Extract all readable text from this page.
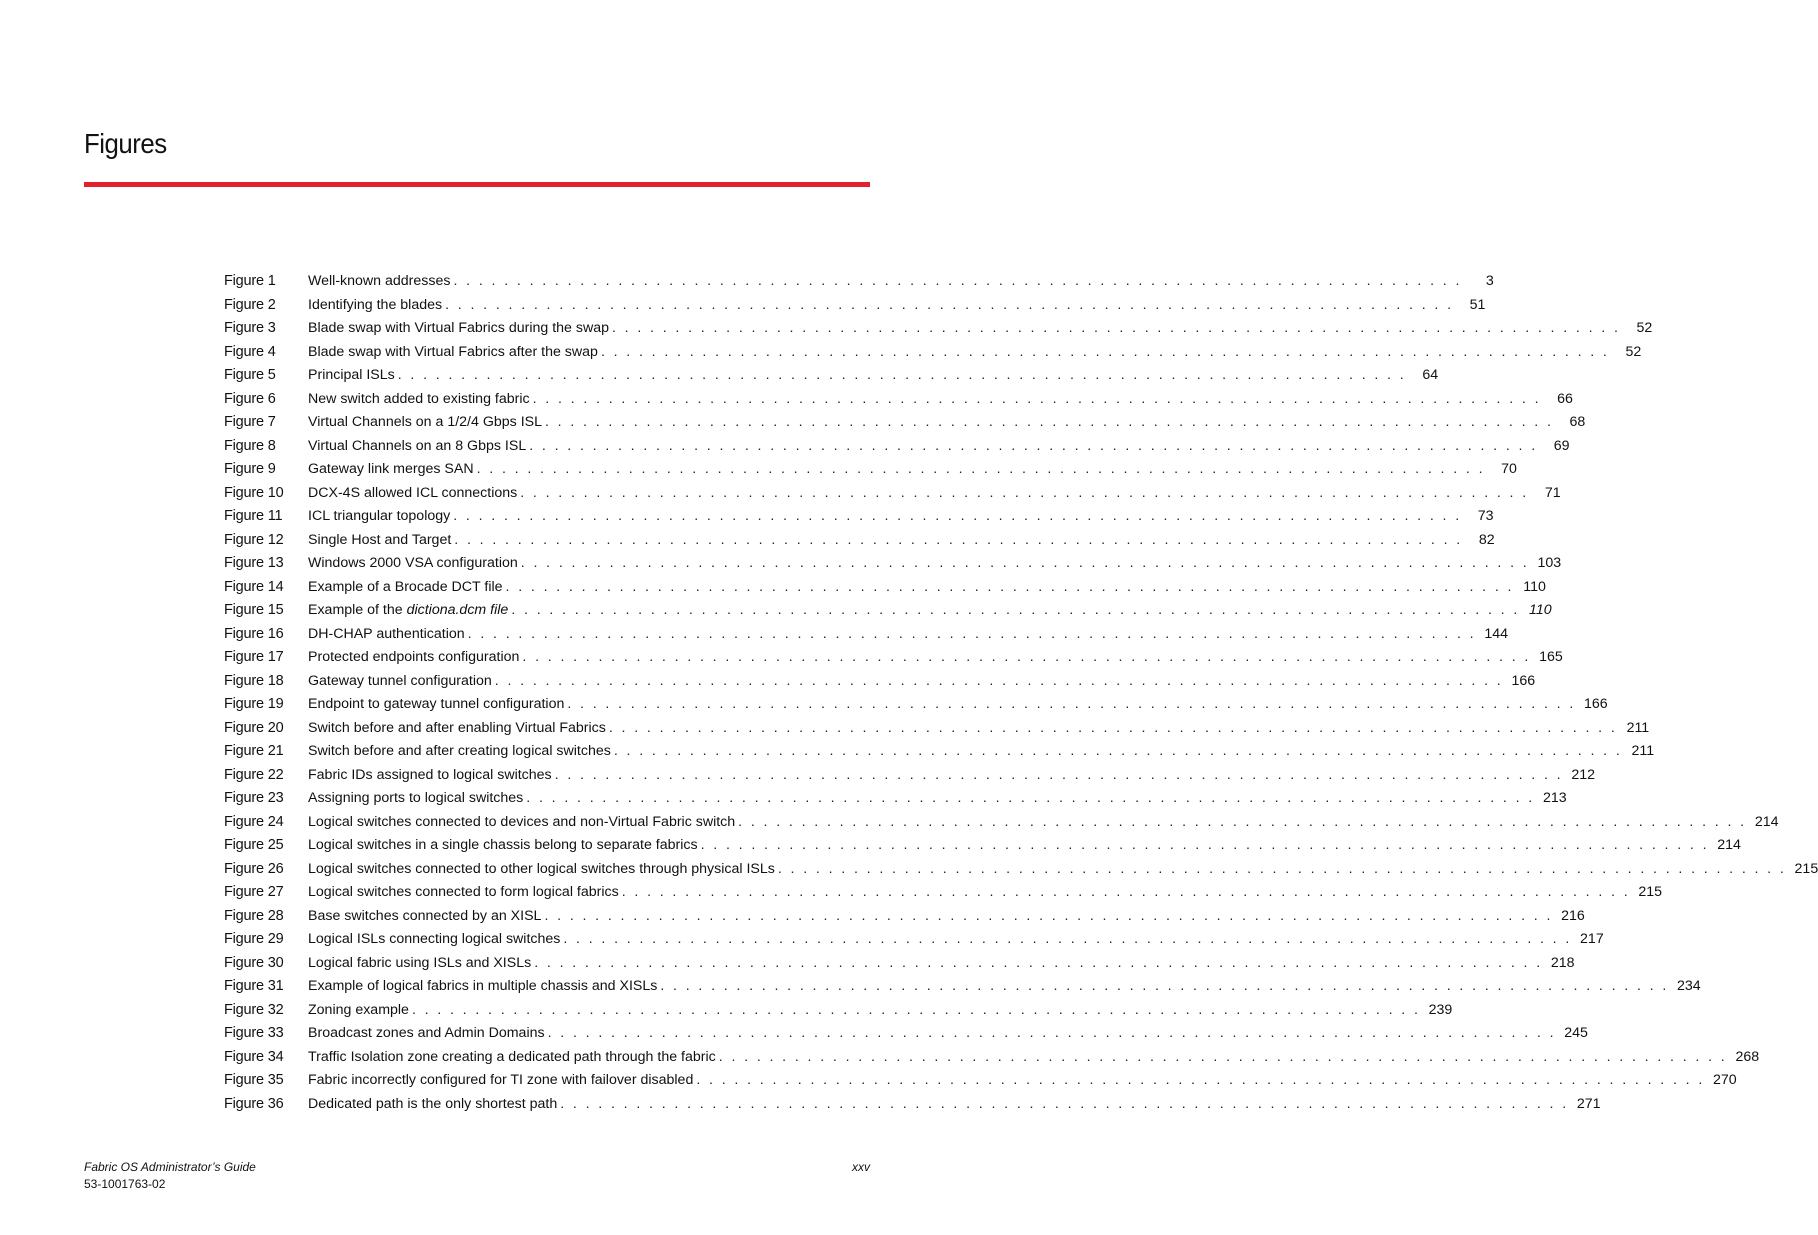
Figures
Figure 1	Well-known addresses . . . . . . . . . . . . . . . . . . . . . . . . . . . . . . . . . . . . . . . . . . . . . . . . . . . . . . . . . . . . . . . . . . . . . . . . . . . . . . . .	3
Figure 2	Identifying the blades . . . . . . . . . . . . . . . . . . . . . . . . . . . . . . . . . . . . . . . . . . . . . . . . . . . . . . . . . . . . . . . . . . . . . . . . . . . . . . . .	51
Figure 3	Blade swap with Virtual Fabrics during the swap . . . . . . . . . . . . . . . . . . . . . . . . . . . . . . . . . . . . . . . . . . . . . . . . . . . . . . . . . . . . . . . . . . . . . . . . . . . . . . . .	52
Figure 4	Blade swap with Virtual Fabrics after the swap . . . . . . . . . . . . . . . . . . . . . . . . . . . . . . . . . . . . . . . . . . . . . . . . . . . . . . . . . . . . . . . . . . . . . . . . . . . . . . . .	52
Figure 5	Principal ISLs . . . . . . . . . . . . . . . . . . . . . . . . . . . . . . . . . . . . . . . . . . . . . . . . . . . . . . . . . . . . . . . . . . . . . . . . . . . . . . . .	64
Figure 6	New switch added to existing fabric . . . . . . . . . . . . . . . . . . . . . . . . . . . . . . . . . . . . . . . . . . . . . . . . . . . . . . . . . . . . . . . . . . . . . . . . . . . . . . . .	66
Figure 7	Virtual Channels on a 1/2/4 Gbps ISL . . . . . . . . . . . . . . . . . . . . . . . . . . . . . . . . . . . . . . . . . . . . . . . . . . . . . . . . . . . . . . . . . . . . . . . . . . . . . . . .	68
Figure 8	Virtual Channels on an 8 Gbps ISL . . . . . . . . . . . . . . . . . . . . . . . . . . . . . . . . . . . . . . . . . . . . . . . . . . . . . . . . . . . . . . . . . . . . . . . . . . . . . . . .	69
Figure 9	Gateway link merges SAN . . . . . . . . . . . . . . . . . . . . . . . . . . . . . . . . . . . . . . . . . . . . . . . . . . . . . . . . . . . . . . . . . . . . . . . . . . . . . . . .	70
Figure 10	DCX-4S allowed ICL connections . . . . . . . . . . . . . . . . . . . . . . . . . . . . . . . . . . . . . . . . . . . . . . . . . . . . . . . . . . . . . . . . . . . . . . . . . . . . . . . .	71
Figure 11	ICL triangular topology . . . . . . . . . . . . . . . . . . . . . . . . . . . . . . . . . . . . . . . . . . . . . . . . . . . . . . . . . . . . . . . . . . . . . . . . . . . . . . . .	73
Figure 12	Single Host and Target . . . . . . . . . . . . . . . . . . . . . . . . . . . . . . . . . . . . . . . . . . . . . . . . . . . . . . . . . . . . . . . . . . . . . . . . . . . . . . . .	82
Figure 13	Windows 2000 VSA configuration . . . . . . . . . . . . . . . . . . . . . . . . . . . . . . . . . . . . . . . . . . . . . . . . . . . . . . . . . . . . . . . . . . . . . . . . . . . . . . . . 103
Figure 14	Example of a Brocade DCT file . . . . . . . . . . . . . . . . . . . . . . . . . . . . . . . . . . . . . . . . . . . . . . . . . . . . . . . . . . . . . . . . . . . . . . . . . . . . . . . . 110
Figure 15	Example of the dictiona.dcm file . . . . . . . . . . . . . . . . . . . . . . . . . . . . . . . . . . . . . . . . . . . . . . . . . . . . . . . . . . . . . . . . . . . . . . . . . . . . . . . . 110
Figure 16	DH-CHAP authentication . . . . . . . . . . . . . . . . . . . . . . . . . . . . . . . . . . . . . . . . . . . . . . . . . . . . . . . . . . . . . . . . . . . . . . . . . . . . . . . . 144
Figure 17	Protected endpoints configuration . . . . . . . . . . . . . . . . . . . . . . . . . . . . . . . . . . . . . . . . . . . . . . . . . . . . . . . . . . . . . . . . . . . . . . . . . . . . . . . . 165
Figure 18	Gateway tunnel configuration . . . . . . . . . . . . . . . . . . . . . . . . . . . . . . . . . . . . . . . . . . . . . . . . . . . . . . . . . . . . . . . . . . . . . . . . . . . . . . . . 166
Figure 19	Endpoint to gateway tunnel configuration . . . . . . . . . . . . . . . . . . . . . . . . . . . . . . . . . . . . . . . . . . . . . . . . . . . . . . . . . . . . . . . . . . . . . . . . . . . . . . . . 166
Figure 20	Switch before and after enabling Virtual Fabrics . . . . . . . . . . . . . . . . . . . . . . . . . . . . . . . . . . . . . . . . . . . . . . . . . . . . . . . . . . . . . . . . . . . . . . . . . . . . . . . . 211
Figure 21	Switch before and after creating logical switches . . . . . . . . . . . . . . . . . . . . . . . . . . . . . . . . . . . . . . . . . . . . . . . . . . . . . . . . . . . . . . . . . . . . . . . . . . . . . . . . 211
Figure 22	Fabric IDs assigned to logical switches . . . . . . . . . . . . . . . . . . . . . . . . . . . . . . . . . . . . . . . . . . . . . . . . . . . . . . . . . . . . . . . . . . . . . . . . . . . . . . . . 212
Figure 23	Assigning ports to logical switches . . . . . . . . . . . . . . . . . . . . . . . . . . . . . . . . . . . . . . . . . . . . . . . . . . . . . . . . . . . . . . . . . . . . . . . . . . . . . . . . 213
Figure 24	Logical switches connected to devices and non-Virtual Fabric switch . . . . . . . . . . . . . . . . . . . . . . . . . . . . . . . . . . . . . . . . . . . . . . . . . . . . . . . . . . . . . . . . . . . . . . . . . . . . . . . . 214
Figure 25	Logical switches in a single chassis belong to separate fabrics . . . . . . . . . . . . . . . . . . . . . . . . . . . . . . . . . . . . . . . . . . . . . . . . . . . . . . . . . . . . . . . . . . . . . . . . . . . . . . . . 214
Figure 26	Logical switches connected to other logical switches through physical ISLs . . . . . . . . . . . . . . . . . . . . . . . . . . . . . . . . . . . . . . . . . . . . . . . . . . . . . . . . . . . . . . . . . . . . . . . . . . . . . . . . 215
Figure 27	Logical switches connected to form logical fabrics . . . . . . . . . . . . . . . . . . . . . . . . . . . . . . . . . . . . . . . . . . . . . . . . . . . . . . . . . . . . . . . . . . . . . . . . . . . . . . . . 215
Figure 28	Base switches connected by an XISL . . . . . . . . . . . . . . . . . . . . . . . . . . . . . . . . . . . . . . . . . . . . . . . . . . . . . . . . . . . . . . . . . . . . . . . . . . . . . . . . 216
Figure 29	Logical ISLs connecting logical switches . . . . . . . . . . . . . . . . . . . . . . . . . . . . . . . . . . . . . . . . . . . . . . . . . . . . . . . . . . . . . . . . . . . . . . . . . . . . . . . . 217
Figure 30	Logical fabric using ISLs and XISLs . . . . . . . . . . . . . . . . . . . . . . . . . . . . . . . . . . . . . . . . . . . . . . . . . . . . . . . . . . . . . . . . . . . . . . . . . . . . . . . . 218
Figure 31	Example of logical fabrics in multiple chassis and XISLs . . . . . . . . . . . . . . . . . . . . . . . . . . . . . . . . . . . . . . . . . . . . . . . . . . . . . . . . . . . . . . . . . . . . . . . . . . . . . . . . 234
Figure 32	Zoning example . . . . . . . . . . . . . . . . . . . . . . . . . . . . . . . . . . . . . . . . . . . . . . . . . . . . . . . . . . . . . . . . . . . . . . . . . . . . . . . . 239
Figure 33	Broadcast zones and Admin Domains . . . . . . . . . . . . . . . . . . . . . . . . . . . . . . . . . . . . . . . . . . . . . . . . . . . . . . . . . . . . . . . . . . . . . . . . . . . . . . . . 245
Figure 34	Traffic Isolation zone creating a dedicated path through the fabric . . . . . . . . . . . . . . . . . . . . . . . . . . . . . . . . . . . . . . . . . . . . . . . . . . . . . . . . . . . . . . . . . . . . . . . . . . . . . . . . 268
Figure 35	Fabric incorrectly configured for TI zone with failover disabled . . . . . . . . . . . . . . . . . . . . . . . . . . . . . . . . . . . . . . . . . . . . . . . . . . . . . . . . . . . . . . . . . . . . . . . . . . . . . . . . 270
Figure 36	Dedicated path is the only shortest path . . . . . . . . . . . . . . . . . . . . . . . . . . . . . . . . . . . . . . . . . . . . . . . . . . . . . . . . . . . . . . . . . . . . . . . . . . . . . . . . 271
Fabric OS Administrator’s Guide
53-1001763-02
xxv
